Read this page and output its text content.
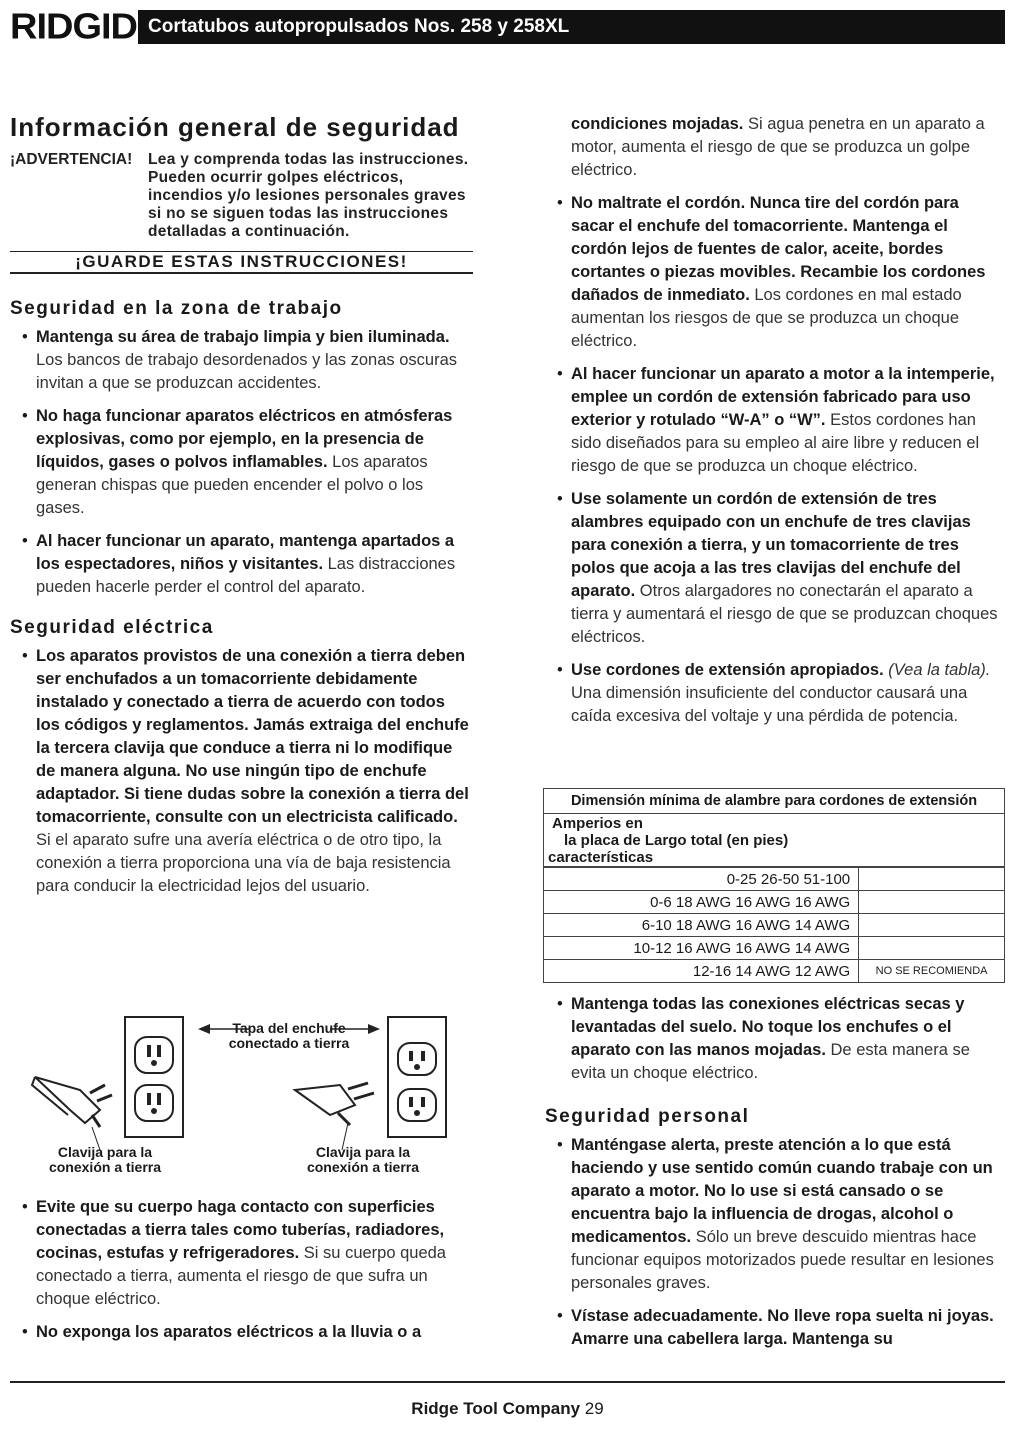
RIDGID Cortatubos autopropulsados Nos. 258 y 258XL
Información general de seguridad
¡ADVERTENCIA! Lea y comprenda todas las instrucciones. Pueden ocurrir golpes eléctricos, incendios y/o lesiones personales graves si no se siguen todas las instrucciones detalladas a continuación.
¡GUARDE ESTAS INSTRUCCIONES!
Seguridad en la zona de trabajo

• Mantenga su área de trabajo limpia y bien iluminada. Los bancos de trabajo desordenados y las zonas oscuras invitan a que se produzcan accidentes.

• No haga funcionar aparatos eléctricos en atmósferas explosivas, como por ejemplo, en la presencia de líquidos, gases o polvos inflamables. Los aparatos generan chispas que pueden encender el polvo o los gases.

• Al hacer funcionar un aparato, mantenga apartados a los espectadores, niños y visitantes. Las distracciones pueden hacerle perder el control del aparato.

Seguridad eléctrica

• Los aparatos provistos de una conexión a tierra deben ser enchufados a un tomacorriente debidamente instalado y conectado a tierra de acuerdo con todos los códigos y reglamentos. Jamás extraiga del enchufe la tercera clavija que conduce a tierra ni lo modifique de manera alguna. No use ningún tipo de enchufe adaptador. Si tiene dudas sobre la conexión a tierra del tomacorriente, consulte con un electricista calificado. Si el aparato sufre una avería eléctrica o de otro tipo, la conexión a tierra proporciona una vía de baja resistencia para conducir la electricidad lejos del usuario.

Tapa del enchufe conectado a tierra
Clavija para la conexión a tierra
Clavija para la conexión a tierra

• Evite que su cuerpo haga contacto con superficies conectadas a tierra tales como tuberías, radiadores, cocinas, estufas y refrigeradores. Si su cuerpo queda conectado a tierra, aumenta el riesgo de que sufra un choque eléctrico.

• No exponga los aparatos eléctricos a la lluvia o a

condiciones mojadas. Si agua penetra en un aparato a motor, aumenta el riesgo de que se produzca un golpe eléctrico.

• No maltrate el cordón. Nunca tire del cordón para sacar el enchufe del tomacorriente. Mantenga el cordón lejos de fuentes de calor, aceite, bordes cortantes o piezas movibles. Recambie los cordones dañados de inmediato. Los cordones en mal estado aumentan los riesgos de que se produzca un choque eléctrico.

• Al hacer funcionar un aparato a motor a la intemperie, emplee un cordón de extensión fabricado para uso exterior y rotulado “W-A” o “W”. Estos cordones han sido diseñados para su empleo al aire libre y reducen el riesgo de que se produzca un choque eléctrico.

• Use solamente un cordón de extensión de tres alambres equipado con un enchufe de tres clavijas para conexión a tierra, y un tomacorriente de tres polos que acoja a las tres clavijas del enchufe del aparato. Otros alargadores no conectarán el aparato a tierra y aumentará el riesgo de que se produzcan choques eléctricos.

• Use cordones de extensión apropiados. (Vea la tabla). Una dimensión insuficiente del conductor causará una caída excesiva del voltaje y una pérdida de potencia.

Dimensión mínima de alambre para cordones de extensión
Amperios en
la placa de Largo total (en pies)
características
0-25 26-50 51-100	
0-6 18 AWG 16 AWG 16 AWG	
6-10 18 AWG 16 AWG 14 AWG	
10-12 16 AWG 16 AWG 14 AWG	
12-16 14 AWG 12 AWG	NO SE RECOMIENDA

• Mantenga todas las conexiones eléctricas secas y levantadas del suelo. No toque los enchufes o el aparato con las manos mojadas. De esta manera se evita un choque eléctrico.

Seguridad personal

• Manténgase alerta, preste atención a lo que está haciendo y use sentido común cuando trabaje con un aparato a motor. No lo use si está cansado o se encuentra bajo la influencia de drogas, alcohol o medicamentos. Sólo un breve descuido mientras hace funcionar equipos motorizados puede resultar en lesiones personales graves.

• Vístase adecuadamente. No lleve ropa suelta ni joyas. Amarre una cabellera larga. Mantenga su

Ridge Tool Company 29
